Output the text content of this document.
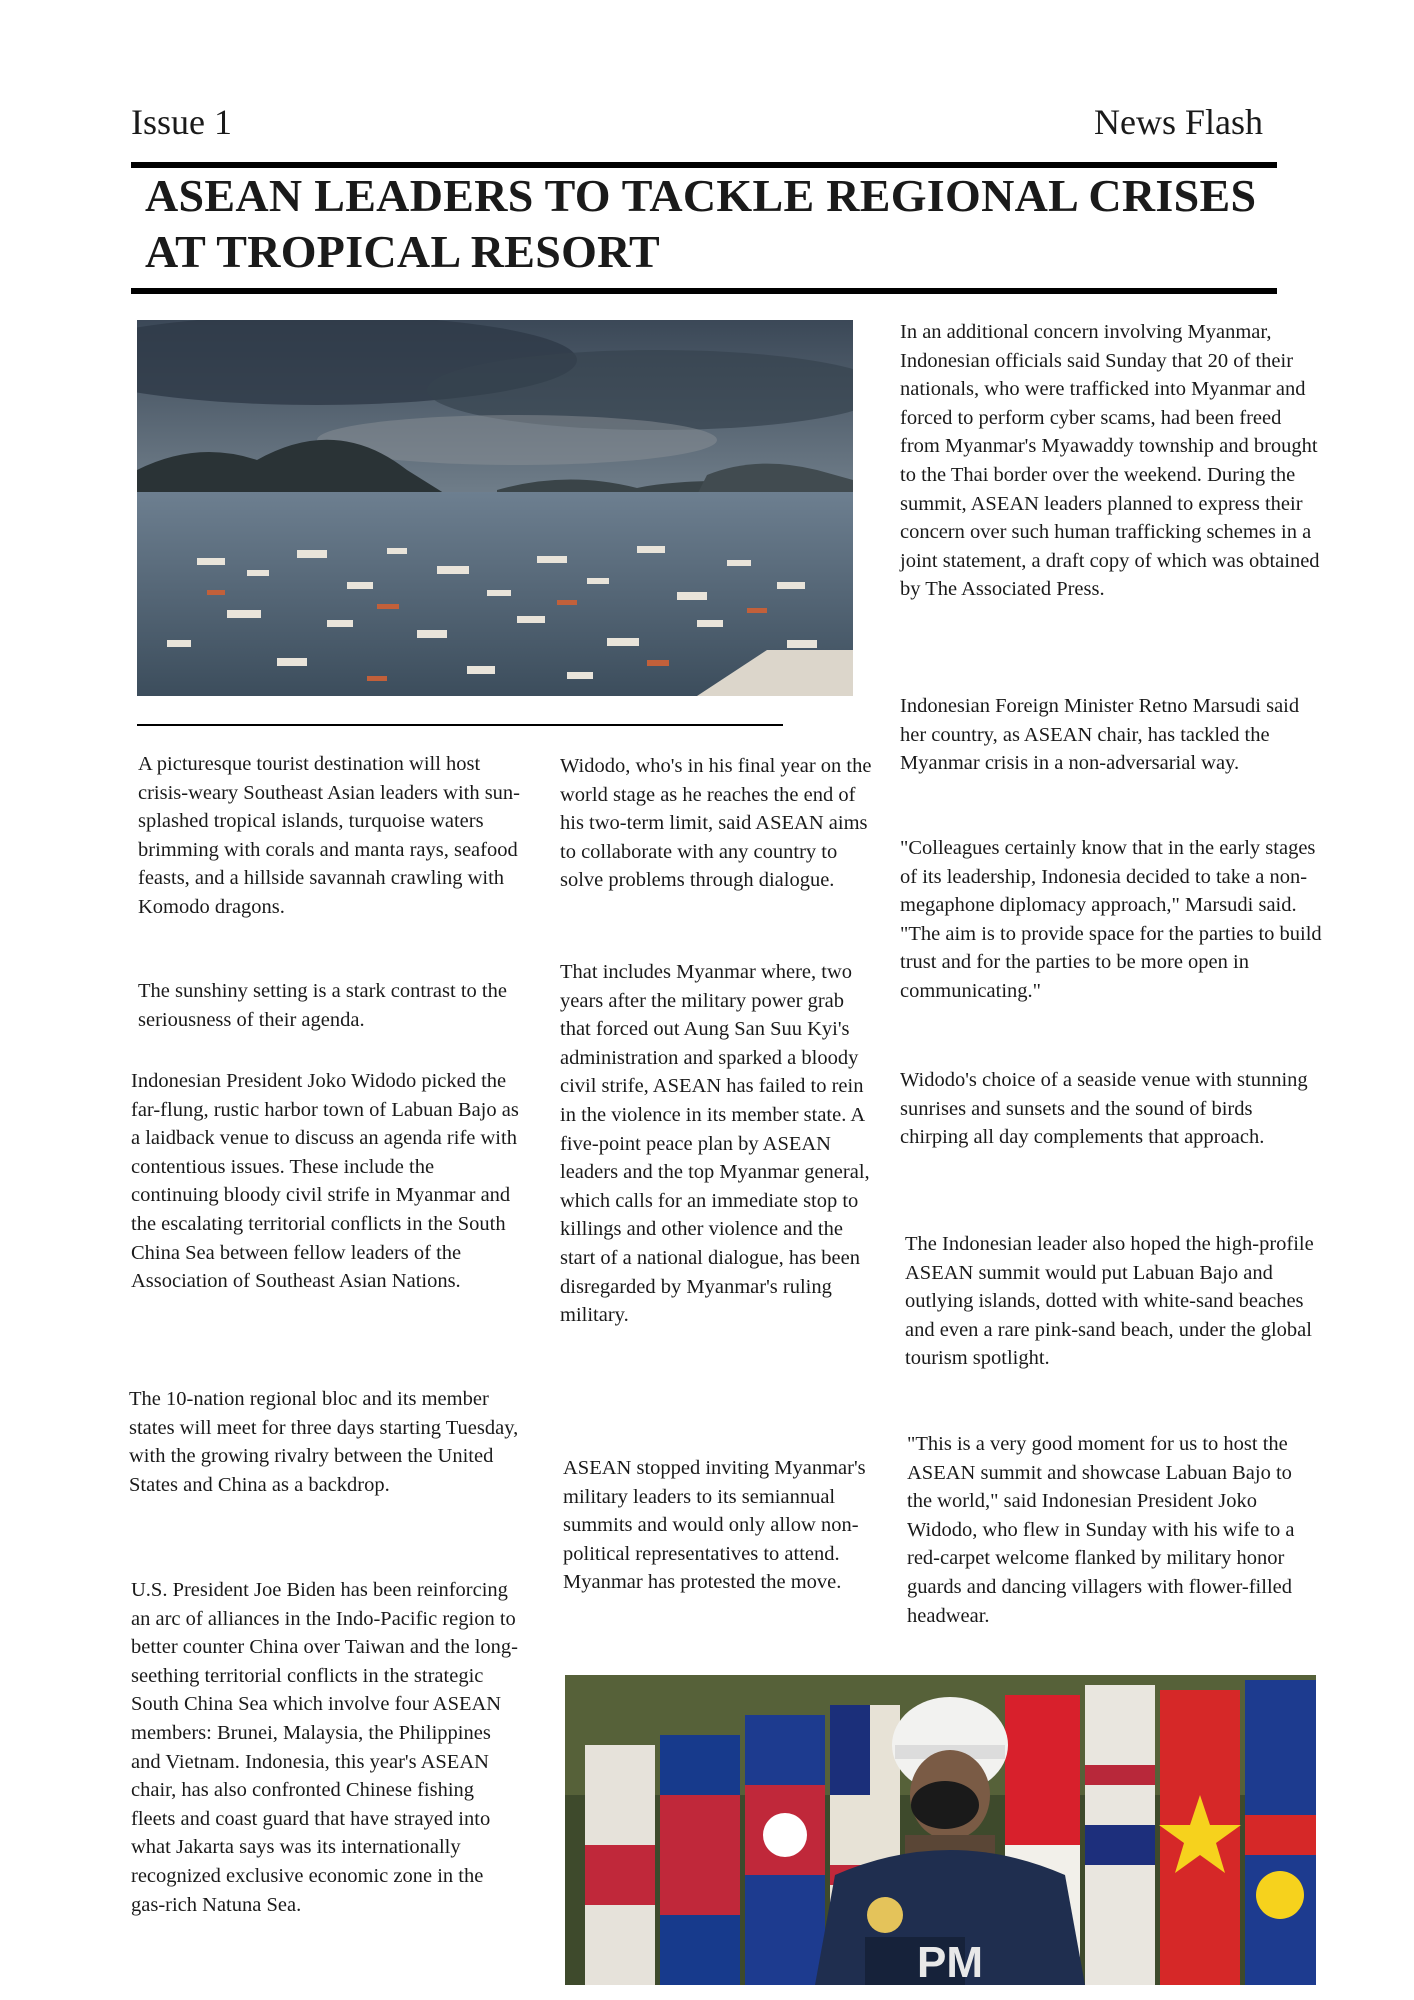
Issue 1	News Flash
ASEAN LEADERS TO TACKLE REGIONAL CRISES AT TROPICAL RESORT

A picturesque tourist destination will host crisis-weary Southeast Asian leaders with sun-splashed tropical islands, turquoise waters brimming with corals and manta rays, seafood feasts, and a hillside savannah crawling with Komodo dragons.

The sunshiny setting is a stark contrast to the seriousness of their agenda.

Indonesian President Joko Widodo picked the far-flung, rustic harbor town of Labuan Bajo as a laidback venue to discuss an agenda rife with contentious issues. These include the continuing bloody civil strife in Myanmar and the escalating territorial conflicts in the South China Sea between fellow leaders of the Association of Southeast Asian Nations.

The 10-nation regional bloc and its member states will meet for three days starting Tuesday, with the growing rivalry between the United States and China as a backdrop.

U.S. President Joe Biden has been reinforcing an arc of alliances in the Indo-Pacific region to better counter China over Taiwan and the long-seething territorial conflicts in the strategic South China Sea which involve four ASEAN members: Brunei, Malaysia, the Philippines and Vietnam. Indonesia, this year's ASEAN chair, has also confronted Chinese fishing fleets and coast guard that have strayed into what Jakarta says was its internationally recognized exclusive economic zone in the gas-rich Natuna Sea.

Widodo, who's in his final year on the world stage as he reaches the end of his two-term limit, said ASEAN aims to collaborate with any country to solve problems through dialogue.

That includes Myanmar where, two years after the military power grab that forced out Aung San Suu Kyi's administration and sparked a bloody civil strife, ASEAN has failed to rein in the violence in its member state. A five-point peace plan by ASEAN leaders and the top Myanmar general, which calls for an immediate stop to killings and other violence and the start of a national dialogue, has been disregarded by Myanmar's ruling military.

ASEAN stopped inviting Myanmar's military leaders to its semiannual summits and would only allow non-political representatives to attend. Myanmar has protested the move.

In an additional concern involving Myanmar, Indonesian officials said Sunday that 20 of their nationals, who were trafficked into Myanmar and forced to perform cyber scams, had been freed from Myanmar's Myawaddy township and brought to the Thai border over the weekend. During the summit, ASEAN leaders planned to express their concern over such human trafficking schemes in a joint statement, a draft copy of which was obtained by The Associated Press.

Indonesian Foreign Minister Retno Marsudi said her country, as ASEAN chair, has tackled the Myanmar crisis in a non-adversarial way.

"Colleagues certainly know that in the early stages of its leadership, Indonesia decided to take a non-megaphone diplomacy approach," Marsudi said. "The aim is to provide space for the parties to build trust and for the parties to be more open in communicating."

Widodo's choice of a seaside venue with stunning sunrises and sunsets and the sound of birds chirping all day complements that approach.

The Indonesian leader also hoped the high-profile ASEAN summit would put Labuan Bajo and outlying islands, dotted with white-sand beaches and even a rare pink-sand beach, under the global tourism spotlight.

"This is a very good moment for us to host the ASEAN summit and showcase Labuan Bajo to the world," said Indonesian President Joko Widodo, who flew in Sunday with his wife to a red-carpet welcome flanked by military honor guards and dancing villagers with flower-filled headwear.

PM
